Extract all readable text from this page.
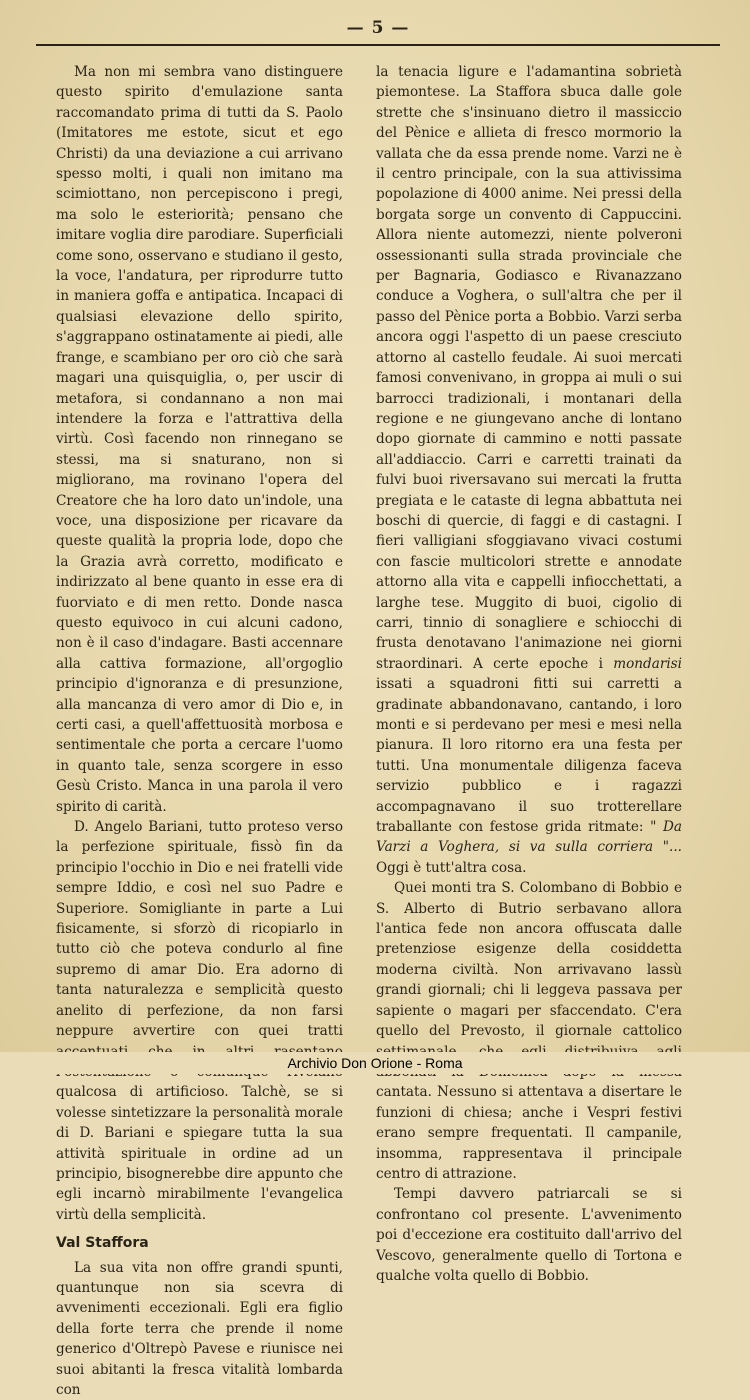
— 5 —

Ma non mi sembra vano distinguere questo spirito d'emulazione santa raccomandato prima di tutti da S. Paolo (Imitatores me estote, sicut et ego Christi) da una deviazione a cui arrivano spesso molti, i quali non imitano ma scimiottano, non percepiscono i pregi, ma solo le esteriorità; pensano che imitare voglia dire parodiare. Superficiali come sono, osservano e studiano il gesto, la voce, l'andatura, per riprodurre tutto in maniera goffa e antipatica. Incapaci di qualsiasi elevazione dello spirito, s'aggrappano ostinatamente ai piedi, alle frange, e scambiano per oro ciò che sarà magari una quisquiglia, o, per uscir di metafora, si condannano a non mai intendere la forza e l'attrattiva della virtù. Così facendo non rinnegano se stessi, ma si snaturano, non si migliorano, ma rovinano l'opera del Creatore che ha loro dato un'indole, una voce, una disposizione per ricavare da queste qualità la propria lode, dopo che la Grazia avrà corretto, modificato e indirizzato al bene quanto in esse era di fuorviato e di men retto. Donde nasca questo equivoco in cui alcuni cadono, non è il caso d'indagare. Basti accennare alla cattiva formazione, all'orgoglio principio d'ignoranza e di presunzione, alla mancanza di vero amor di Dio e, in certi casi, a quell'affettuosità morbosa e sentimentale che porta a cercare l'uomo in quanto tale, senza scorgere in esso Gesù Cristo. Manca in una parola il vero spirito di carità.

D. Angelo Bariani, tutto proteso verso la perfezione spirituale, fissò fin da principio l'occhio in Dio e nei fratelli vide sempre Iddio, e così nel suo Padre e Superiore. Somigliante in parte a Lui fisicamente, si sforzò di ricopiarlo in tutto ciò che poteva condurlo al fine supremo di amar Dio. Era adorno di tanta naturalezza e semplicità questo anelito di perfezione, da non farsi neppure avvertire con quei tratti qualcosa di artificioso. Talchè, se si volesse sintetizzare la personalità morale di D. Bariani e spiegare tutta la sua attività spirituale in ordine ad un principio, bisognerebbe dire appunto che egli incarnò mirabilmente l'evangelica virtù della semplicità.

Val Staffora

La sua vita non offre grandi spunti, quantunque non sia scevra di avvenimenti eccezionali. Egli era figlio della forte terra che prende il nome generico d'Oltrepò Pavese e riunisce nei suoi abitanti la fresca vitalità lombarda con

la tenacia ligure e l'adamantina sobrietà piemontese. La Staffora sbuca dalle gole strette che s'insinuano dietro il massiccio del Pènice e allieta di fresco mormorio la vallata che da essa prende nome. Varzi ne è il centro principale, con la sua attivissima popolazione di 4000 anime. Nei pressi della borgata sorge un convento di Cappuccini. Allora niente automezzi, niente polveroni ossessionanti sulla strada provinciale che per Bagnaria, Godiasco e Rivanazzano conduce a Voghera, o sull'altra che per il passo del Pènice porta a Bobbio. Varzi serba ancora oggi l'aspetto di un paese cresciuto attorno al castello feudale. Ai suoi mercati famosi convenivano, in groppa ai muli o sui barrocci tradizionali, i montanari della regione e ne giungevano anche di lontano dopo giornate di cammino e notti passate all'addiaccio. Carri e carretti trainati da fulvi buoi riversavano sui mercati la frutta pregiata e le cataste di legna abbattuta nei boschi di quercie, di faggi e di castagni. I fieri valligiani sfoggiavano vivaci costumi con fascie multicolori strette e annodate attorno alla vita e cappelli infiocchettati, a larghe tese. Muggito di buoi, cigolio di carri, tinnio di sonagliere e schiocchi di frusta denotavano l'animazione nei giorni straordinari. A certe epoche i mondarisi issati a squadroni fitti sui carretti a gradinate abbandonavano, cantando, i loro monti e si perdevano per mesi e mesi nella pianura. Il loro ritorno era una festa per tutti. Una monumentale diligenza faceva servizio pubblico e i ragazzi accompagnavano il suo trotterellare traballante con festose grida ritmate: " Da Varzi a Voghera, si va sulla corriera "... Oggi è tutt'altra cosa.

Quei monti tra S. Colombano di Bobbio e S. Alberto di Butrio serbavano allora l'antica fede non ancora offuscata dalle pretenziose esigenze della cosiddetta moderna civiltà. Non arrivavano lassù grandi giornali; chi li leggeva passava per sapiente o magari per sfaccendato. C'era quello del Prevosto, il giornale cattolico cantata. Nessuno si attentava a disertare le funzioni di chiesa; anche i Vespri festivi erano sempre frequentati. Il campanile, insomma, rappresentava il principale centro di attrazione.

Tempi davvero patriarcali se si confrontano col presente. L'avvenimento poi d'eccezione era costituito dall'arrivo del Vescovo, generalmente quello di Tortona e qualche volta quello di Bobbio.

Archivio Don Orione - Roma
